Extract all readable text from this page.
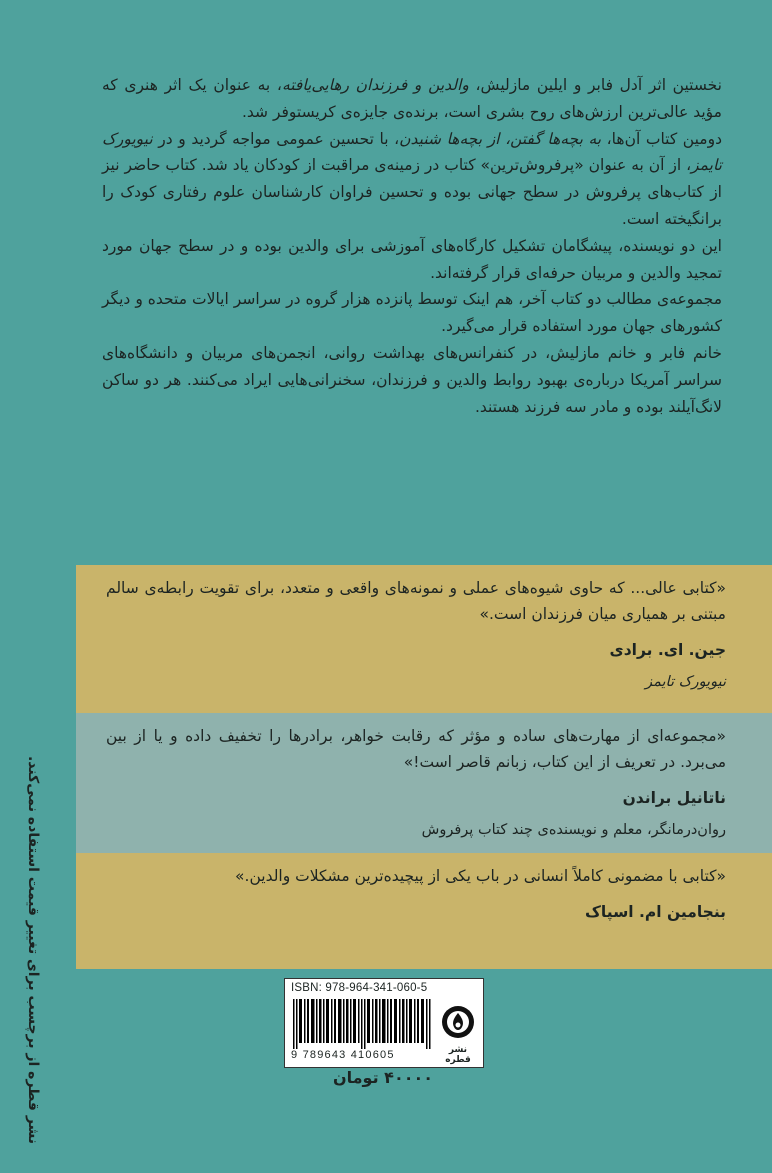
نخستین اثر آدل فابر و ایلین مازلیش، والدین و فرزندان رهایی‌یافته، به عنوان یک اثر هنری که مؤید عالی‌ترین ارزش‌های روح بشری است، برنده‌ی جایزه‌ی کریستوفر شد.

دومین کتاب آن‌ها، به بچه‌ها گفتن، از بچه‌ها شنیدن، با تحسین عمومی مواجه گردید و در نیویورک تایمز، از آن به عنوان «پرفروش‌ترین» کتاب در زمینه‌ی مراقبت از کودکان یاد شد. کتاب حاضر نیز از کتاب‌های پرفروش در سطح جهانی بوده و تحسین فراوان کارشناسان علوم رفتاری کودک را برانگیخته است.

این دو نویسنده، پیشگامان تشکیل کارگاه‌های آموزشی برای والدین بوده و در سطح جهان مورد تمجید والدین و مربیان حرفه‌ای قرار گرفته‌اند.

مجموعه‌ی مطالب دو کتاب آخر، هم اینک توسط پانزده هزار گروه در سراسر ایالات متحده و دیگر کشورهای جهان مورد استفاده قرار می‌گیرد.

خانم فابر و خانم مازلیش، در کنفرانس‌های بهداشت روانی، انجمن‌های مربیان و دانشگاه‌های سراسر آمریکا درباره‌ی بهبود روابط والدین و فرزندان، سخنرانی‌هایی ایراد می‌کنند. هر دو ساکن لانگ‌آیلند بوده و مادر سه فرزند هستند.

«کتابی عالی... که حاوی شیوه‌های عملی و نمونه‌های واقعی و متعدد، برای تقویت رابطه‌ی سالم مبتنی بر همیاری میان فرزندان است.»

جین. ای. برادی
نیویورک تایمز

«مجموعه‌ای از مهارت‌های ساده و مؤثر که رقابت خواهر، برادرها را تخفیف داده و یا از بین می‌برد. در تعریف از این کتاب، زبانم قاصر است!»

ناتانیل براندن
روان‌درمانگر، معلم و نویسنده‌ی چند کتاب پرفروش

«کتابی با مضمونی کاملاً انسانی در باب یکی از پیچیده‌ترین مشکلات والدین.»

بنجامین ام. اسپاک
نشر قطره از برچسب برای تغییر قیمت استفاده نمی‌کند.	ISBN: 978-964-341-060-5
9 789643 410605	نشر قطره
۴۰۰۰۰ تومان
